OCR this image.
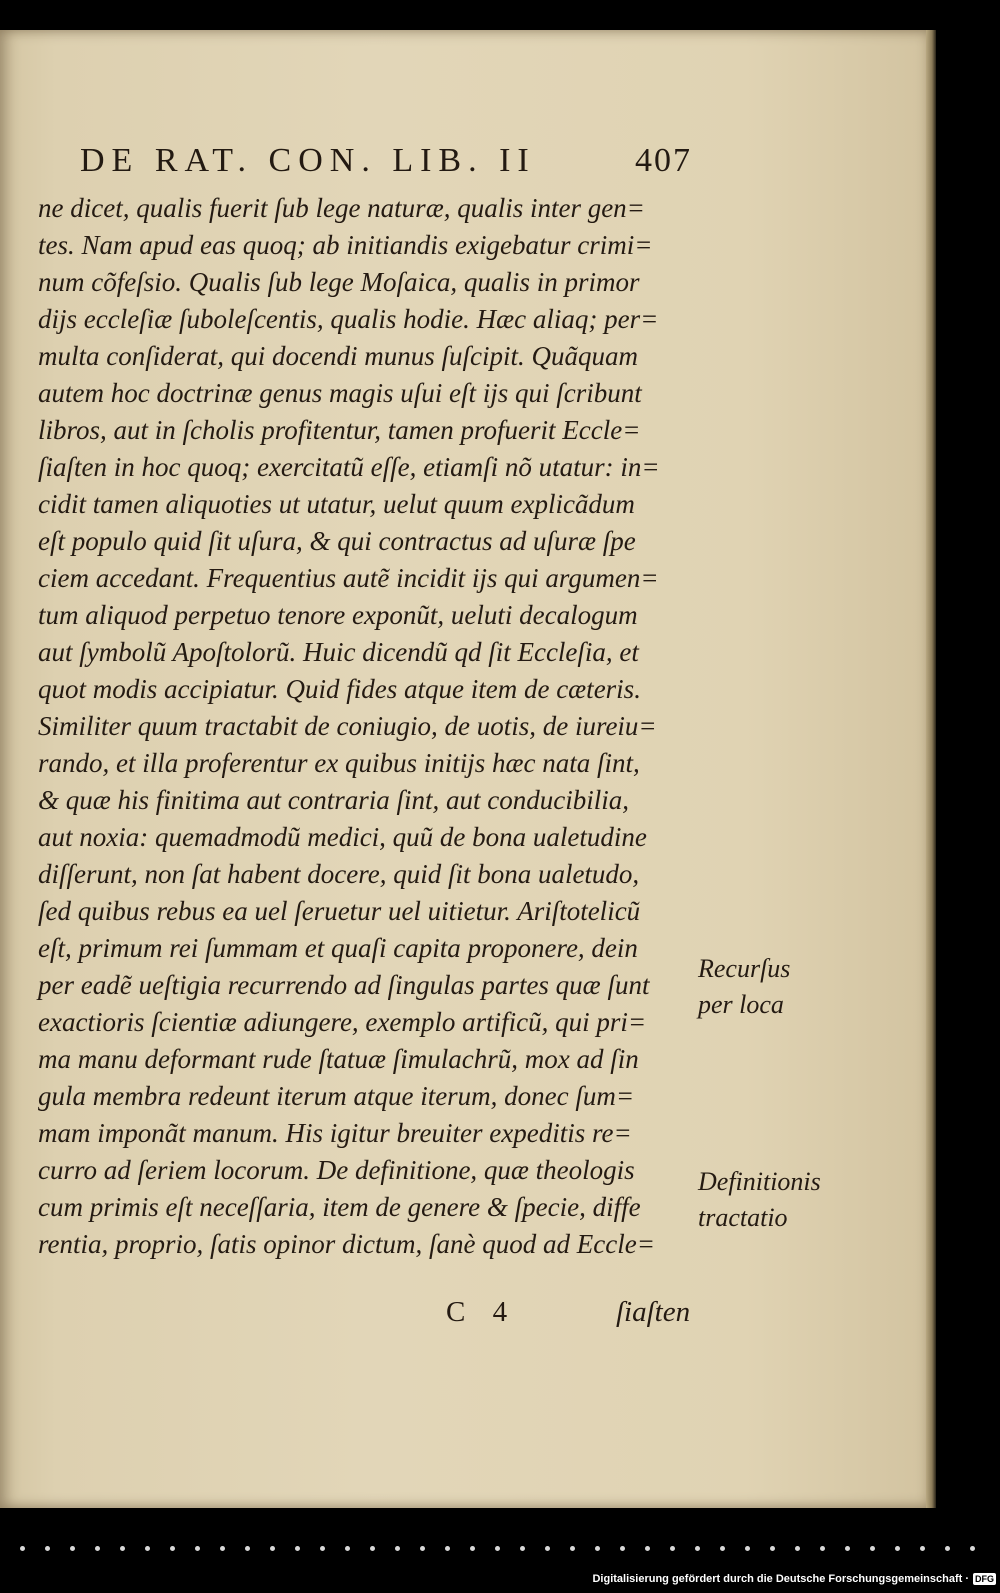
DE RAT. CON. LIB. II	407
ne dicet, qualis fuerit ſub lege naturæ, qualis inter gen=
tes. Nam apud eas quoq; ab initiandis exigebatur crimi=
num cõfeſsio. Qualis ſub lege Moſaica, qualis in primor
dijs eccleſiæ ſuboleſcentis, qualis hodie. Hæc aliaq; per=
multa conſiderat, qui docendi munus ſuſcipit. Quãquam
autem hoc doctrinæ genus magis uſui eſt ijs qui ſcribunt
libros, aut in ſcholis profitentur, tamen profuerit Eccle=
ſiaſten in hoc quoq; exercitatũ eſſe, etiamſi nõ utatur: in=
cidit tamen aliquoties ut utatur, uelut quum explicãdum
eſt populo quid ſit uſura, & qui contractus ad uſuræ ſpe
ciem accedant. Frequentius autẽ incidit ijs qui argumen=
tum aliquod perpetuo tenore exponũt, ueluti decalogum
aut ſymbolũ Apoſtolorũ. Huic dicendũ qd ſit Eccleſia, et
quot modis accipiatur. Quid fides atque item de cæteris.
Similiter quum tractabit de coniugio, de uotis, de iureiu=
rando, et illa proferentur ex quibus initijs hæc nata ſint,
& quæ his finitima aut contraria ſint, aut conducibilia,
aut noxia: quemadmodũ medici, quũ de bona ualetudine
diſſerunt, non ſat habent docere, quid ſit bona ualetudo,
ſed quibus rebus ea uel ſeruetur uel uitietur. Ariſtotelicũ
eſt, primum rei ſummam et quaſi capita proponere, dein
per eadẽ ueſtigia recurrendo ad ſingulas partes quæ ſunt
exactioris ſcientiæ adiungere, exemplo artificũ, qui pri=
ma manu deformant rude ſtatuæ ſimulachrũ, mox ad ſin
gula membra redeunt iterum atque iterum, donec ſum=
mam imponãt manum. His igitur breuiter expeditis re=
curro ad ſeriem locorum. De definitione, quæ theologis
cum primis eſt neceſſaria, item de genere & ſpecie, diffe
rentia, proprio, ſatis opinor dictum, ſanè quod ad Eccle=
C 4	ſiaſten
Recurſus
per loca
Definitionis
tractatio
Digitalisierung gefördert durch die Deutsche Forschungsgemeinschaft · DFG
